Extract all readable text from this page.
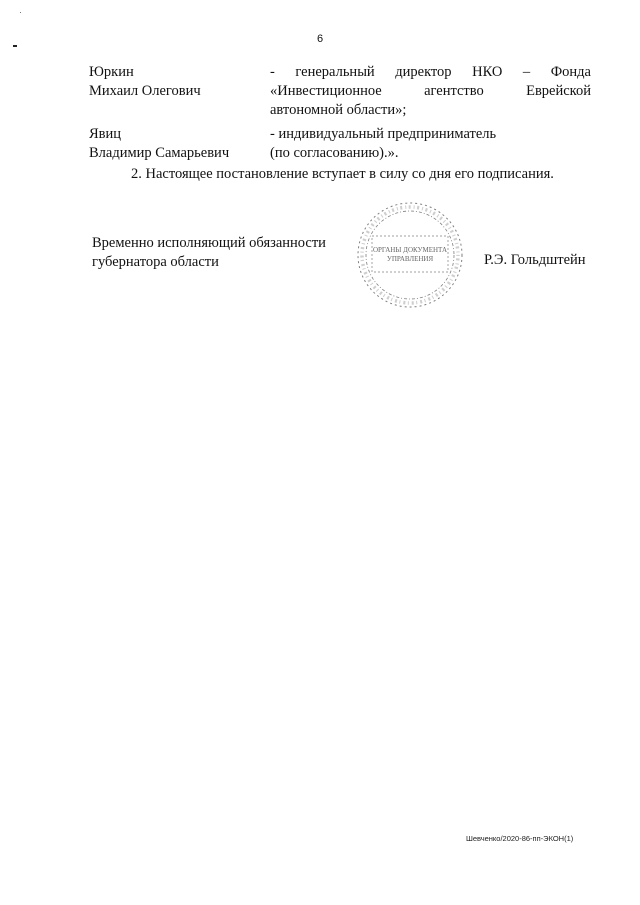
6
Юркин
Михаил Олегович
- генеральный директор НКО – Фонда
«Инвестиционное агентство Еврейской
автономной области»;
Явиц
Владимир Самарьевич
- индивидуальный предприниматель
(по согласованию).».
2. Настоящее постановление вступает в силу со дня его подписания.
Временно исполняющий обязанности
губернатора области
ОРГАНЫ ДОКУМЕНТА
УПРАВЛЕНИЯ	Р.Э. Гольдштейн
Шевченко/2020-86-пп-ЭКОН(1)
